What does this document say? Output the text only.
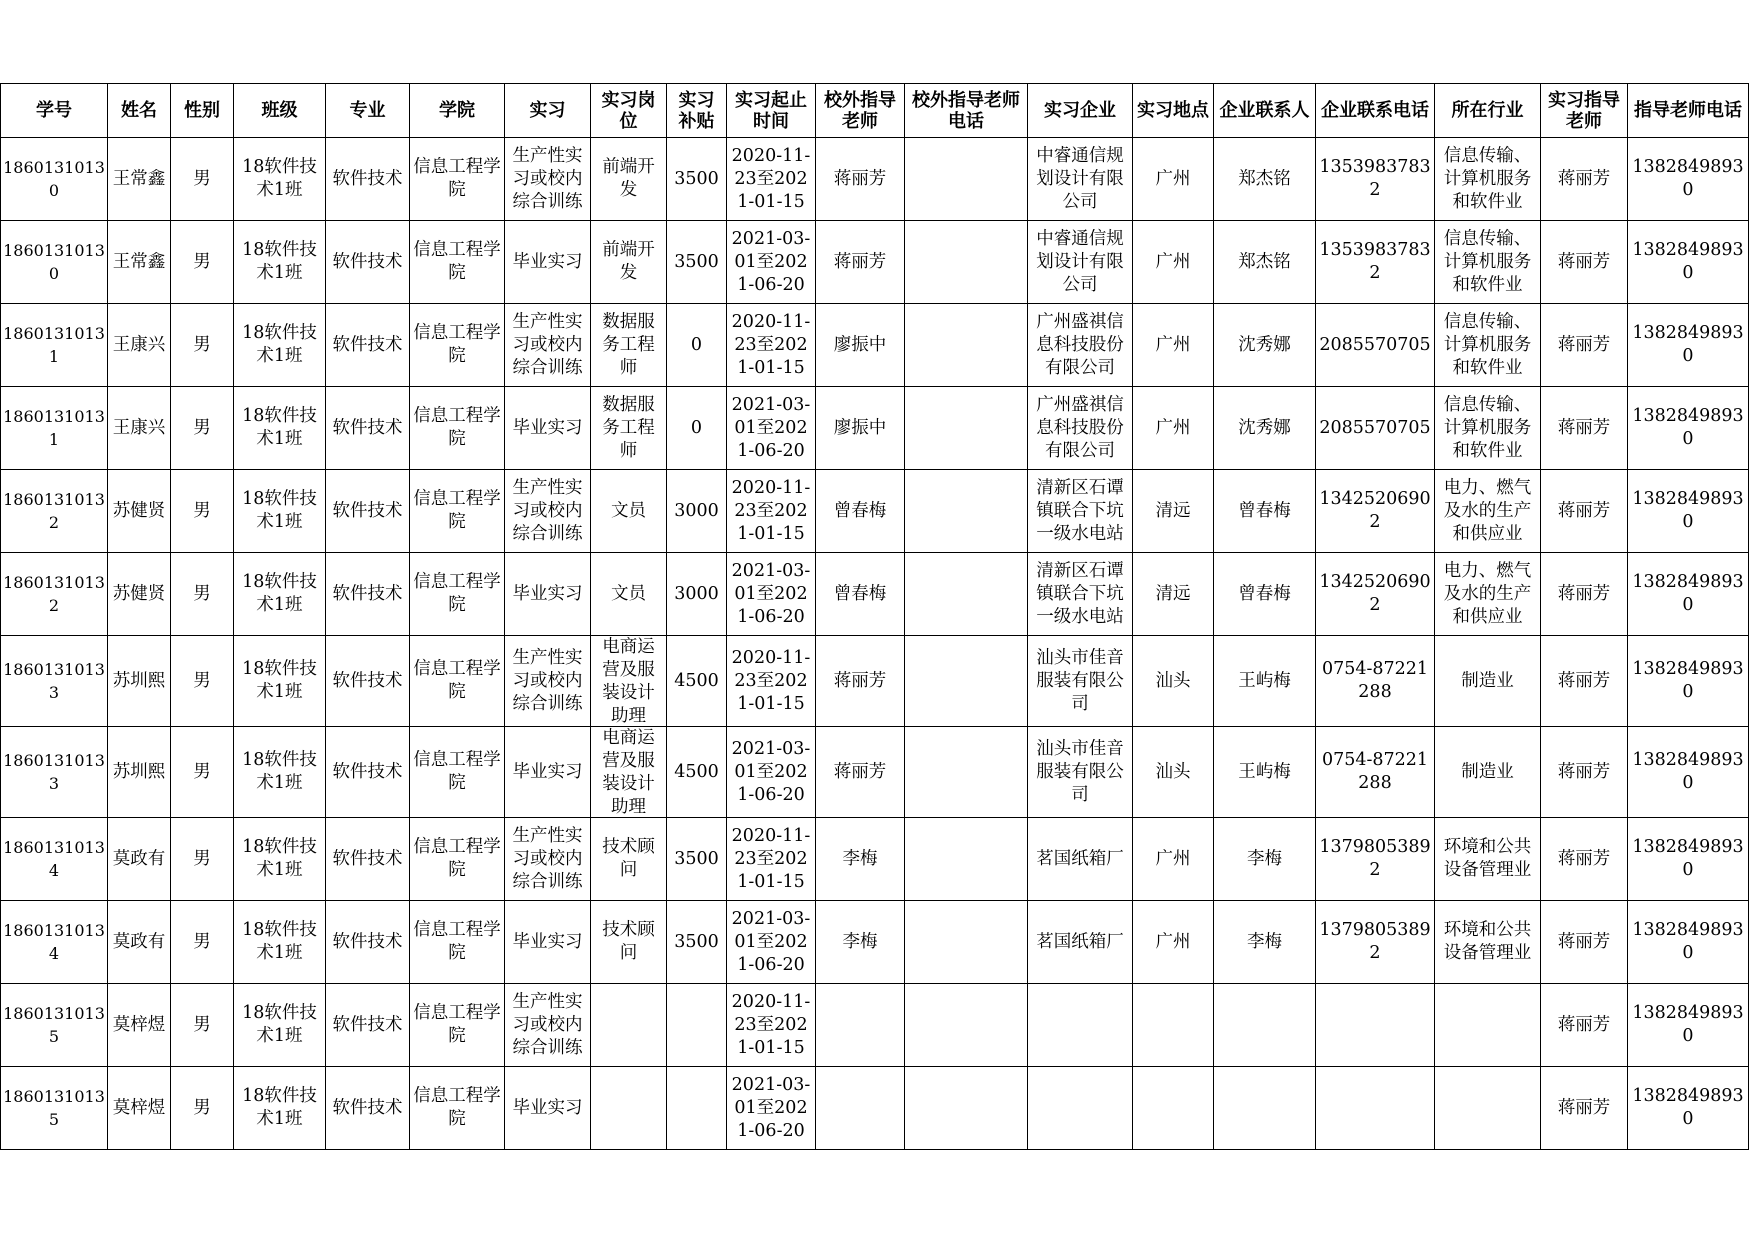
学号	姓名	性别	班级	专业	学院	实习	实习岗位	实习补贴	实习起止时间	校外指导老师	校外指导老师电话	实习企业	实习地点	企业联系人	企业联系电话	所在行业	实习指导老师	指导老师电话

18601310130	王常鑫	男	18软件技术1班	软件技术	信息工程学院	生产性实习或校内综合训练	前端开发	3500	2020-11-23至2021-01-15	蒋丽芳		中睿通信规划设计有限公司	广州	郑杰铭	13539837832	信息传输、计算机服务和软件业	蒋丽芳	13828498930

18601310130	王常鑫	男	18软件技术1班	软件技术	信息工程学院	毕业实习	前端开发	3500	2021-03-01至2021-06-20	蒋丽芳		中睿通信规划设计有限公司	广州	郑杰铭	13539837832	信息传输、计算机服务和软件业	蒋丽芳	13828498930

18601310131	王康兴	男	18软件技术1班	软件技术	信息工程学院	生产性实习或校内综合训练	数据服务工程师	0	2020-11-23至2021-01-15	廖振中		广州盛祺信息科技股份有限公司	广州	沈秀娜	2085570705	信息传输、计算机服务和软件业	蒋丽芳	13828498930

18601310131	王康兴	男	18软件技术1班	软件技术	信息工程学院	毕业实习	数据服务工程师	0	2021-03-01至2021-06-20	廖振中		广州盛祺信息科技股份有限公司	广州	沈秀娜	2085570705	信息传输、计算机服务和软件业	蒋丽芳	13828498930

18601310132	苏健贤	男	18软件技术1班	软件技术	信息工程学院	生产性实习或校内综合训练	文员	3000	2020-11-23至2021-01-15	曾春梅		清新区石谭镇联合下坑一级水电站	清远	曾春梅	13425206902	电力、燃气及水的生产和供应业	蒋丽芳	13828498930

18601310132	苏健贤	男	18软件技术1班	软件技术	信息工程学院	毕业实习	文员	3000	2021-03-01至2021-06-20	曾春梅		清新区石谭镇联合下坑一级水电站	清远	曾春梅	13425206902	电力、燃气及水的生产和供应业	蒋丽芳	13828498930

18601310133	苏圳熙	男	18软件技术1班	软件技术	信息工程学院	生产性实习或校内综合训练	电商运营及服装设计助理	4500	2020-11-23至2021-01-15	蒋丽芳		汕头市佳音服装有限公司	汕头	王屿梅	0754-87221288	制造业	蒋丽芳	13828498930

18601310133	苏圳熙	男	18软件技术1班	软件技术	信息工程学院	毕业实习	电商运营及服装设计助理	4500	2021-03-01至2021-06-20	蒋丽芳		汕头市佳音服装有限公司	汕头	王屿梅	0754-87221288	制造业	蒋丽芳	13828498930

18601310134	莫政有	男	18软件技术1班	软件技术	信息工程学院	生产性实习或校内综合训练	技术顾问	3500	2020-11-23至2021-01-15	李梅		茗国纸箱厂	广州	李梅	13798053892	环境和公共设备管理业	蒋丽芳	13828498930

18601310134	莫政有	男	18软件技术1班	软件技术	信息工程学院	毕业实习	技术顾问	3500	2021-03-01至2021-06-20	李梅		茗国纸箱厂	广州	李梅	13798053892	环境和公共设备管理业	蒋丽芳	13828498930

18601310135	莫梓煜	男	18软件技术1班	软件技术	信息工程学院	生产性实习或校内综合训练			2020-11-23至2021-01-15								蒋丽芳	13828498930

18601310135	莫梓煜	男	18软件技术1班	软件技术	信息工程学院	毕业实习			2021-03-01至2021-06-20								蒋丽芳	13828498930
